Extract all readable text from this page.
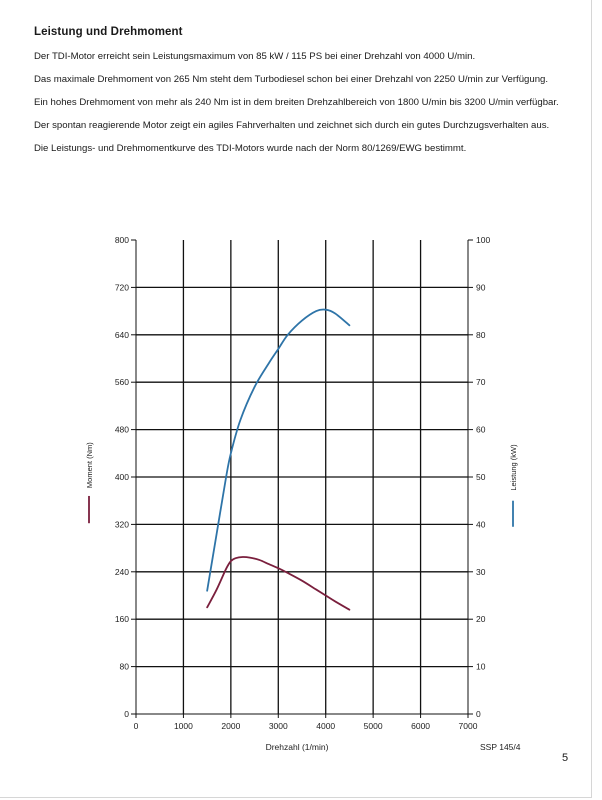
Leistung und Drehmoment

Der TDI-Motor erreicht sein Leistungsmaximum von 85 kW / 115 PS bei einer Drehzahl von 4000 U/min.

Das maximale Drehmoment von 265 Nm steht dem Turbodiesel schon bei einer Drehzahl von 2250 U/min zur Verfügung.

Ein hohes Drehmoment von mehr als 240 Nm ist in dem breiten Drehzahlbereich von 1800 U/min bis 3200 U/min verfügbar.

Der spontan reagierende Motor zeigt ein agiles Fahrverhalten und zeichnet sich durch ein gutes Durchzugsverhalten aus.

Die Leistungs- und Drehmomentkurve des TDI-Motors wurde nach der Norm 80/1269/EWG bestimmt.

0	1000	2000	3000	4000	5000	6000	7000
0
80
160
240
320
400
480
560
640
720
800
0
10
20
30
40
50
60
70
80
90
100
Drehzahl (1/min)
Moment (Nm)	Leistung (kW)
SSP 145/4
5
